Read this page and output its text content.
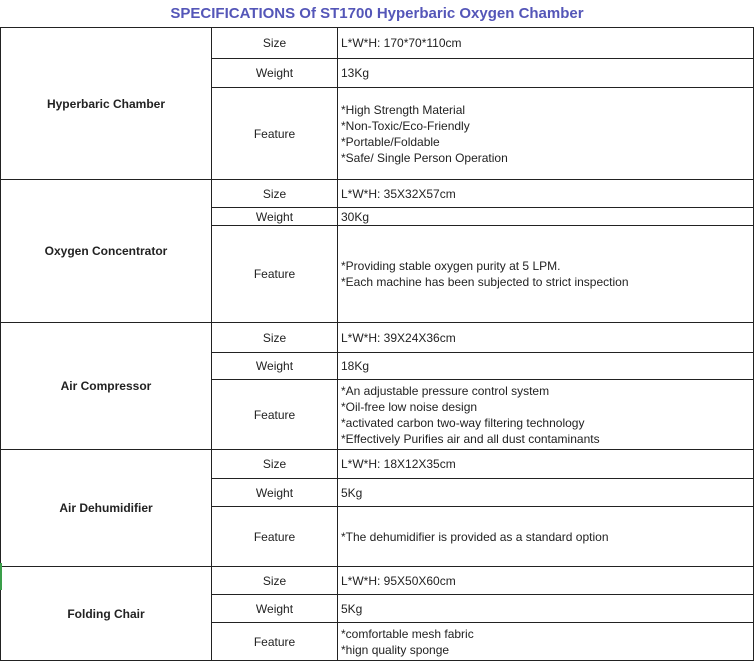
SPECIFICATIONS Of ST1700 Hyperbaric Oxygen Chamber
Hyperbaric Chamber	Size	L*W*H: 170*70*110cm

	Weight	13Kg

	Feature	*High Strength Material
*Non-Toxic/Eco-Friendly
*Portable/Foldable
*Safe/ Single Person Operation

Oxygen Concentrator	Size	L*W*H: 35X32X57cm

	Weight	30Kg

	Feature	*Providing stable oxygen purity at 5 LPM.
*Each machine has been subjected to strict inspection

Air Compressor	Size	L*W*H: 39X24X36cm

	Weight	18Kg

	Feature	*An adjustable pressure control system
*Oil-free low noise design
*activated carbon two-way filtering technology
*Effectively Purifies air and all dust contaminants

Air Dehumidifier	Size	L*W*H: 18X12X35cm

	Weight	5Kg

	Feature	*The dehumidifier is provided as a standard option

Folding Chair	Size	L*W*H: 95X50X60cm

	Weight	5Kg

	Feature	*comfortable mesh fabric
*hign quality sponge
